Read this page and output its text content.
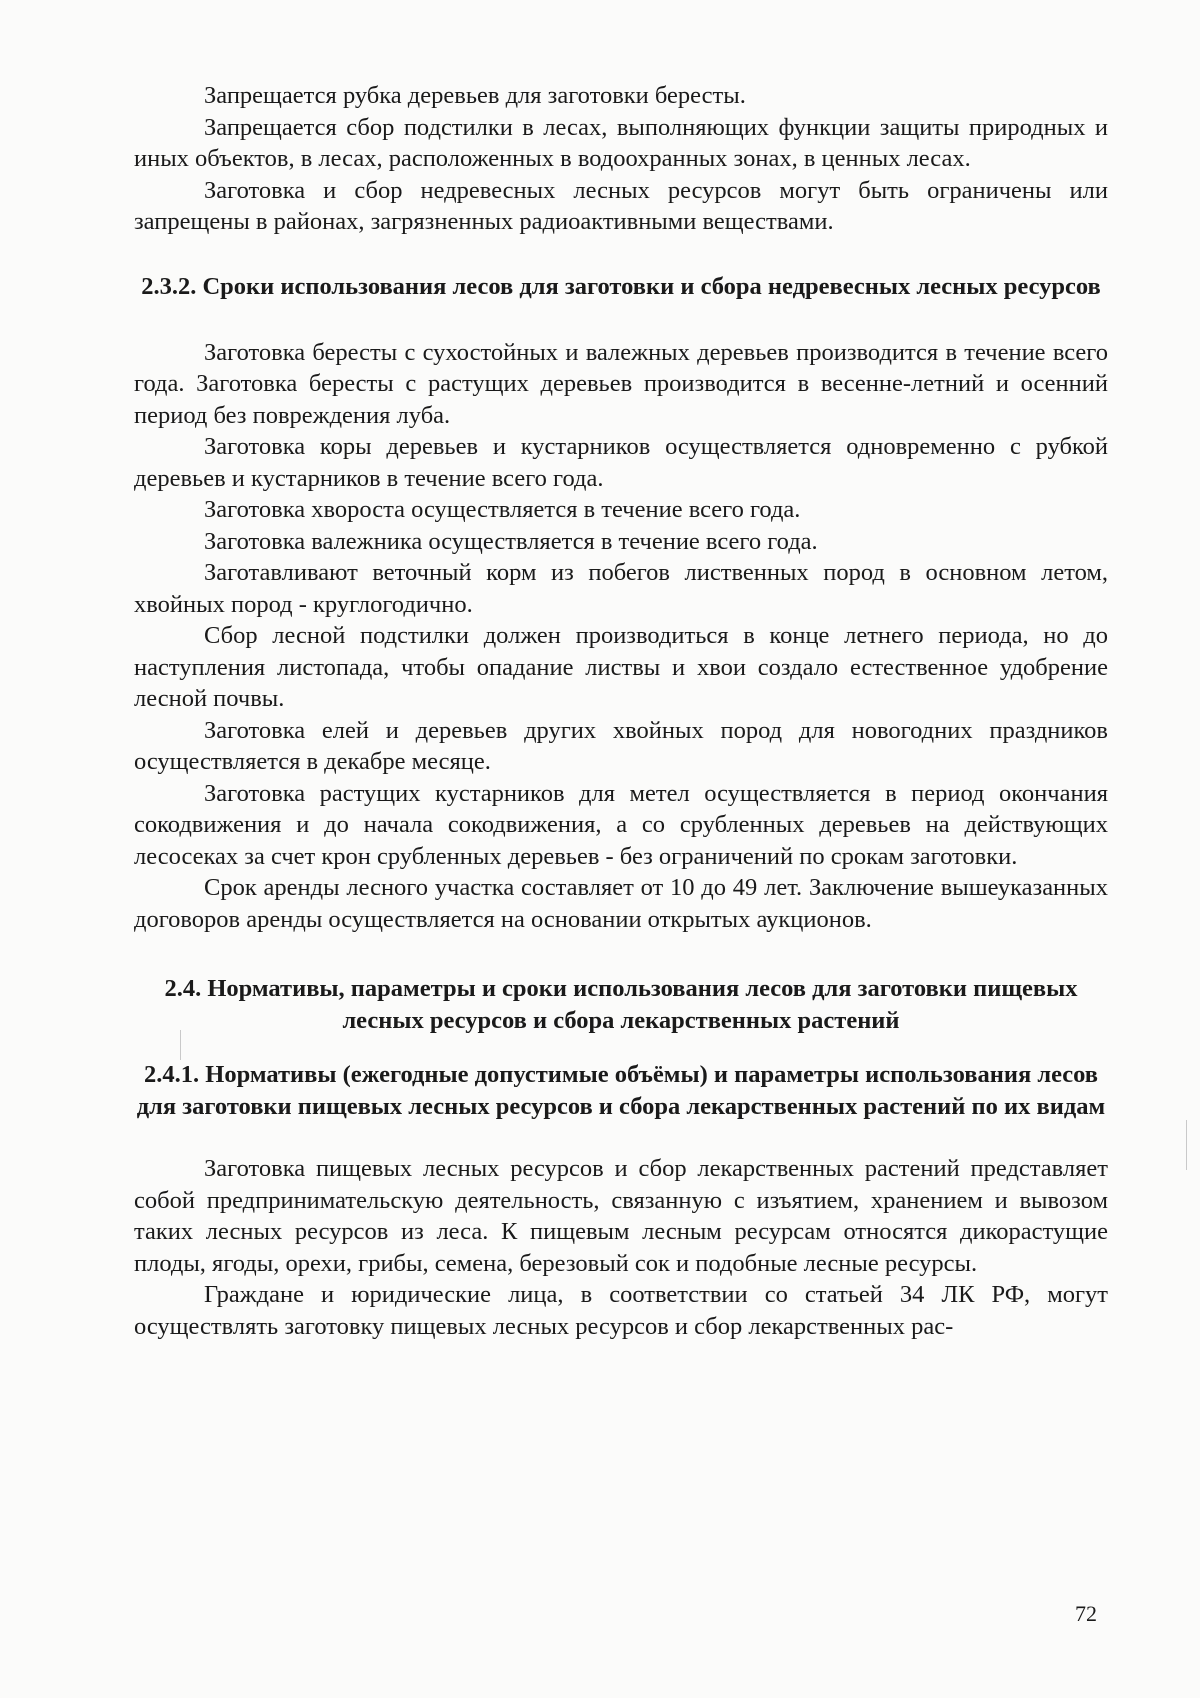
Запрещается рубка деревьев для заготовки бересты.

Запрещается сбор подстилки в лесах, выполняющих функции защиты природных и иных объектов, в лесах, расположенных в водоохранных зонах, в ценных лесах.

Заготовка и сбор недревесных лесных ресурсов могут быть ограничены или запрещены в районах, загрязненных радиоактивными веществами.

2.3.2. Сроки использования лесов для заготовки и сбора недревесных лесных ресурсов

Заготовка бересты с сухостойных и валежных деревьев производится в течение всего года. Заготовка бересты с растущих деревьев производится в весенне-летний и осенний период без повреждения луба.

Заготовка коры деревьев и кустарников осуществляется одновременно с рубкой деревьев и кустарников в течение всего года.

Заготовка хвороста осуществляется в течение всего года.

Заготовка валежника осуществляется в течение всего года.

Заготавливают веточный корм из побегов лиственных пород в основном летом, хвойных пород - круглогодично.

Сбор лесной подстилки должен производиться в конце летнего периода, но до наступления листопада, чтобы опадание листвы и хвои создало естественное удобрение лесной почвы.

Заготовка елей и деревьев других хвойных пород для новогодних праздников осуществляется в декабре месяце.

Заготовка растущих кустарников для метел осуществляется в период окончания сокодвижения и до начала сокодвижения, а со срубленных деревьев на действующих лесосеках за счет крон срубленных деревьев - без ограничений по срокам заготовки.

Срок аренды лесного участка составляет от 10 до 49 лет. Заключение вышеуказанных договоров аренды осуществляется на основании открытых аукционов.

2.4. Нормативы, параметры и сроки использования лесов для заготовки пищевых лесных ресурсов и сбора лекарственных растений
2.4.1. Нормативы (ежегодные допустимые объёмы) и параметры использования лесов для заготовки пищевых лесных ресурсов и сбора лекарственных растений по их видам

Заготовка пищевых лесных ресурсов и сбор лекарственных растений представляет собой предпринимательскую деятельность, связанную с изъятием, хранением и вывозом таких лесных ресурсов из леса. К пищевым лесным ресурсам относятся дикорастущие плоды, ягоды, орехи, грибы, семена, березовый сок и подобные лесные ресурсы.

Граждане и юридические лица, в соответствии со статьей 34 ЛК РФ, могут осуществлять заготовку пищевых лесных ресурсов и сбор лекарственных рас-

72
